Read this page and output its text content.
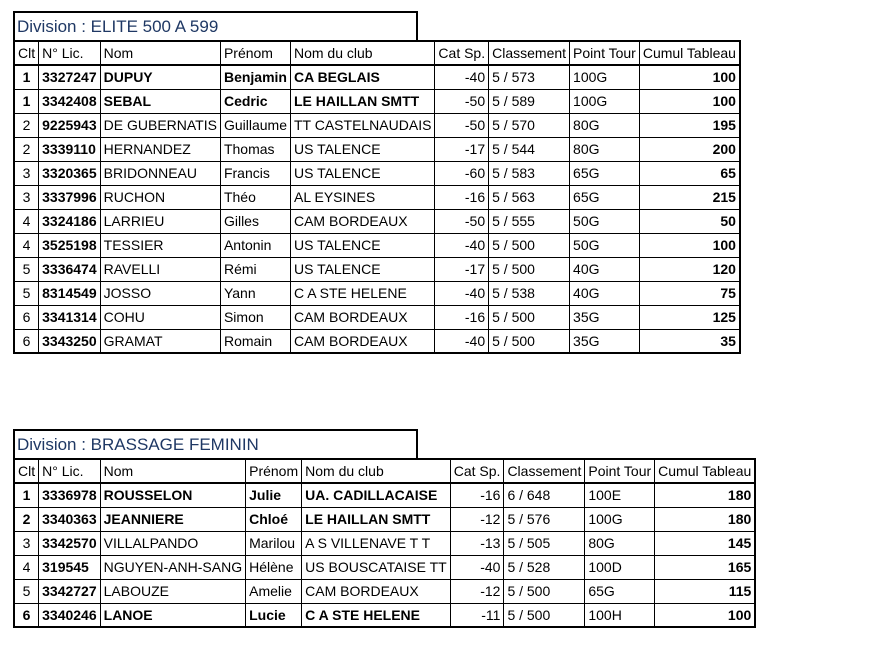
Division : ELITE 500 A 599
Clt	N° Lic.	Nom	Prénom	Nom du club	Cat Sp.	Classement	Point Tour	Cumul Tableau
1	3327247	DUPUY	Benjamin	CA BEGLAIS	-40	5 / 573	100G	100
1	3342408	SEBAL	Cedric	LE HAILLAN SMTT	-50	5 / 589	100G	100
2	9225943	DE GUBERNATIS	Guillaume	TT CASTELNAUDAIS	-50	5 / 570	80G	195
2	3339110	HERNANDEZ	Thomas	US TALENCE	-17	5 / 544	80G	200
3	3320365	BRIDONNEAU	Francis	US TALENCE	-60	5 / 583	65G	65
3	3337996	RUCHON	Théo	AL EYSINES	-16	5 / 563	65G	215
4	3324186	LARRIEU	Gilles	CAM BORDEAUX	-50	5 / 555	50G	50
4	3525198	TESSIER	Antonin	US TALENCE	-40	5 / 500	50G	100
5	3336474	RAVELLI	Rémi	US TALENCE	-17	5 / 500	40G	120
5	8314549	JOSSO	Yann	C A STE HELENE	-40	5 / 538	40G	75
6	3341314	COHU	Simon	CAM BORDEAUX	-16	5 / 500	35G	125
6	3343250	GRAMAT	Romain	CAM BORDEAUX	-40	5 / 500	35G	35
Division : BRASSAGE FEMININ
Clt	N° Lic.	Nom	Prénom	Nom du club	Cat Sp.	Classement	Point Tour	Cumul Tableau
1	3336978	ROUSSELON	Julie	UA. CADILLACAISE	-16	6 / 648	100E	180
2	3340363	JEANNIERE	Chloé	LE HAILLAN SMTT	-12	5 / 576	100G	180
3	3342570	VILLALPANDO	Marilou	A S VILLENAVE T T	-13	5 / 505	80G	145
4	319545	NGUYEN-ANH-SANG	Hélène	US BOUSCATAISE TT	-40	5 / 528	100D	165
5	3342727	LABOUZE	Amelie	CAM BORDEAUX	-12	5 / 500	65G	115
6	3340246	LANOE	Lucie	C A STE HELENE	-11	5 / 500	100H	100
